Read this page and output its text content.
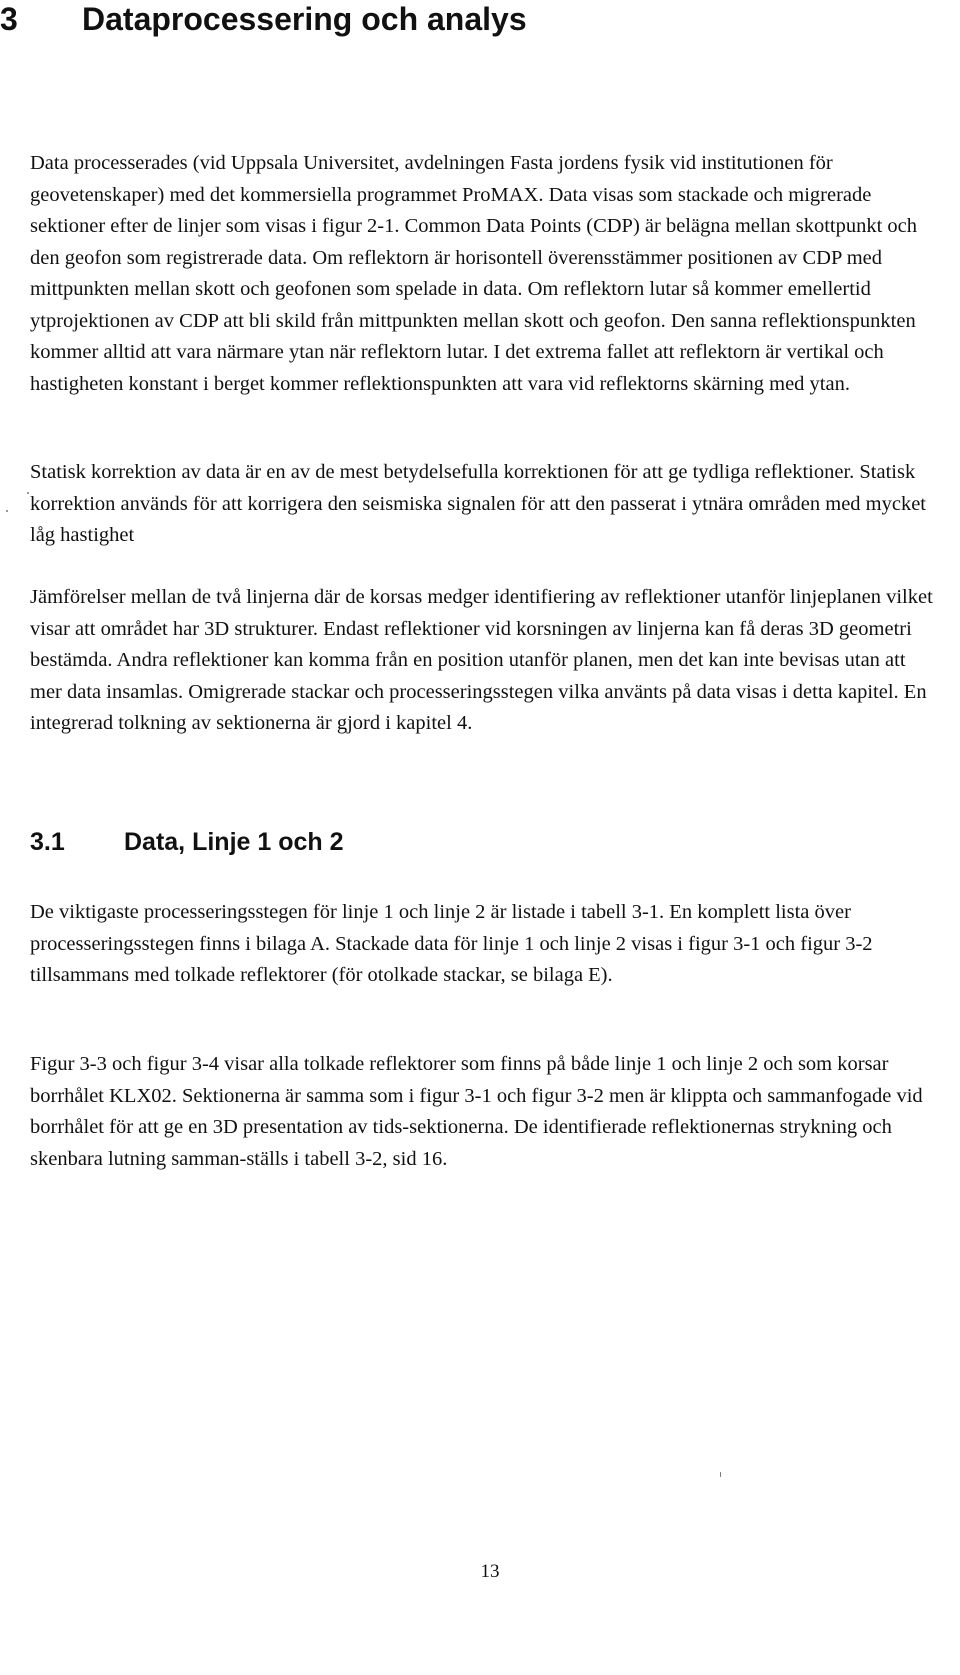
3 Dataprocessering och analys

Data processerades (vid Uppsala Universitet, avdelningen Fasta jordens fysik vid institutionen för geovetenskaper) med det kommersiella programmet ProMAX. Data visas som stackade och migrerade sektioner efter de linjer som visas i figur 2-1. Common Data Points (CDP) är belägna mellan skottpunkt och den geofon som registrerade data. Om reflektorn är horisontell överensstämmer positionen av CDP med mittpunkten mellan skott och geofonen som spelade in data. Om reflektorn lutar så kommer emellertid ytprojektionen av CDP att bli skild från mittpunkten mellan skott och geofon. Den sanna reflektionspunkten kommer alltid att vara närmare ytan när reflektorn lutar. I det extrema fallet att reflektorn är vertikal och hastigheten konstant i berget kommer reflektionspunkten att vara vid reflektorns skärning med ytan.

Statisk korrektion av data är en av de mest betydelsefulla korrektionen för att ge tydliga reflektioner. Statisk korrektion används för att korrigera den seismiska signalen för att den passerat i ytnära områden med mycket låg hastighet

Jämförelser mellan de två linjerna där de korsas medger identifiering av reflektioner utanför linjeplanen vilket visar att området har 3D strukturer. Endast reflektioner vid korsningen av linjerna kan få deras 3D geometri bestämda. Andra reflektioner kan komma från en position utanför planen, men det kan inte bevisas utan att mer data insamlas. Omigrerade stackar och processeringsstegen vilka använts på data visas i detta kapitel. En integrerad tolkning av sektionerna är gjord i kapitel 4.

3.1 Data, Linje 1 och 2

De viktigaste processeringsstegen för linje 1 och linje 2 är listade i tabell 3-1. En komplett lista över processeringsstegen finns i bilaga A. Stackade data för linje 1 och linje 2 visas i figur 3-1 och figur 3-2 tillsammans med tolkade reflektorer (för otolkade stackar, se bilaga E).

Figur 3-3 och figur 3-4 visar alla tolkade reflektorer som finns på både linje 1 och linje 2 och som korsar borrhålet KLX02. Sektionerna är samma som i figur 3-1 och figur 3-2 men är klippta och sammanfogade vid borrhålet för att ge en 3D presentation av tids-sektionerna. De identifierade reflektionernas strykning och skenbara lutning samman-ställs i tabell 3-2, sid 16.

13
